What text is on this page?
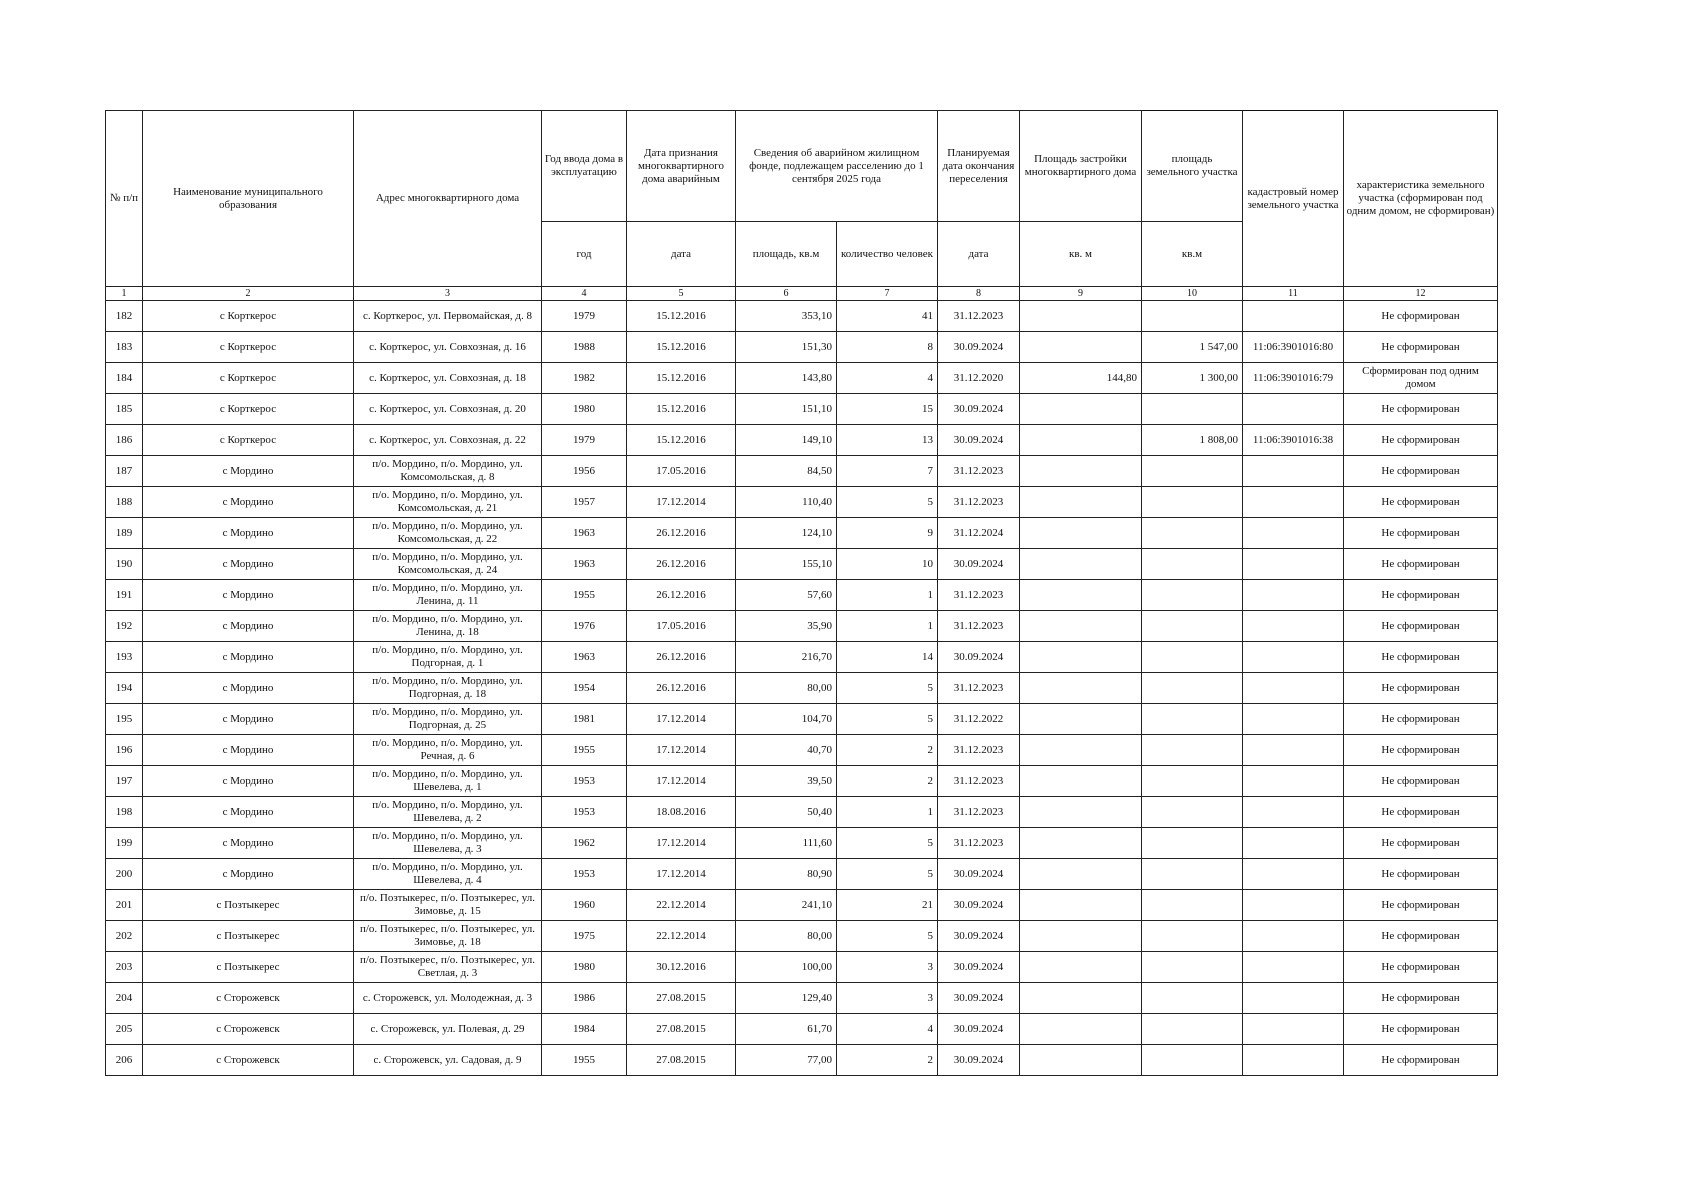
№ п/п	Наименование муниципального образования	Адрес многоквартирного дома	Год ввода дома в эксплуатацию	Дата признания многоквартирного дома аварийным	Сведения об аварийном жилищном фонде, подлежащем расселению до 1 сентября 2025 года		Планируемая дата окончания переселения	Площадь застройки многоквартирного дома	площадь земельного участка	кадастровый номер земельного участка	характеристика земельного участка (сформирован под одним домом, не сформирован)
			год	дата	площадь, кв.м	количество человек	дата	кв. м	кв.м		
1	2	3	4	5	6	7	8	9	10	11	12
182	с Корткерос	с. Корткерос, ул. Первомайская, д. 8	1979	15.12.2016	353,10	41	31.12.2023				Не сформирован
183	с Корткерос	с. Корткерос, ул. Совхозная, д. 16	1988	15.12.2016	151,30	8	30.09.2024		1 547,00	11:06:3901016:80	Не сформирован
184	с Корткерос	с. Корткерос, ул. Совхозная, д. 18	1982	15.12.2016	143,80	4	31.12.2020	144,80	1 300,00	11:06:3901016:79	Сформирован под одним домом
185	с Корткерос	с. Корткерос, ул. Совхозная, д. 20	1980	15.12.2016	151,10	15	30.09.2024				Не сформирован
186	с Корткерос	с. Корткерос, ул. Совхозная, д. 22	1979	15.12.2016	149,10	13	30.09.2024		1 808,00	11:06:3901016:38	Не сформирован
187	с Мордино	п/о. Мордино, п/о. Мордино, ул. Комсомольская, д. 8	1956	17.05.2016	84,50	7	31.12.2023				Не сформирован
188	с Мордино	п/о. Мордино, п/о. Мордино, ул. Комсомольская, д. 21	1957	17.12.2014	110,40	5	31.12.2023				Не сформирован
189	с Мордино	п/о. Мордино, п/о. Мордино, ул. Комсомольская, д. 22	1963	26.12.2016	124,10	9	31.12.2024				Не сформирован
190	с Мордино	п/о. Мордино, п/о. Мордино, ул. Комсомольская, д. 24	1963	26.12.2016	155,10	10	30.09.2024				Не сформирован
191	с Мордино	п/о. Мордино, п/о. Мордино, ул. Ленина, д. 11	1955	26.12.2016	57,60	1	31.12.2023				Не сформирован
192	с Мордино	п/о. Мордино, п/о. Мордино, ул. Ленина, д. 18	1976	17.05.2016	35,90	1	31.12.2023				Не сформирован
193	с Мордино	п/о. Мордино, п/о. Мордино, ул. Подгорная, д. 1	1963	26.12.2016	216,70	14	30.09.2024				Не сформирован
194	с Мордино	п/о. Мордино, п/о. Мордино, ул. Подгорная, д. 18	1954	26.12.2016	80,00	5	31.12.2023				Не сформирован
195	с Мордино	п/о. Мордино, п/о. Мордино, ул. Подгорная, д. 25	1981	17.12.2014	104,70	5	31.12.2022				Не сформирован
196	с Мордино	п/о. Мордино, п/о. Мордино, ул. Речная, д. 6	1955	17.12.2014	40,70	2	31.12.2023				Не сформирован
197	с Мордино	п/о. Мордино, п/о. Мордино, ул. Шевелева, д. 1	1953	17.12.2014	39,50	2	31.12.2023				Не сформирован
198	с Мордино	п/о. Мордино, п/о. Мордино, ул. Шевелева, д. 2	1953	18.08.2016	50,40	1	31.12.2023				Не сформирован
199	с Мордино	п/о. Мордино, п/о. Мордино, ул. Шевелева, д. 3	1962	17.12.2014	111,60	5	31.12.2023				Не сформирован
200	с Мордино	п/о. Мордино, п/о. Мордино, ул. Шевелева, д. 4	1953	17.12.2014	80,90	5	30.09.2024				Не сформирован
201	с Позтыкерес	п/о. Позтыкерес, п/о. Позтыкерес, ул. Зимовье, д. 15	1960	22.12.2014	241,10	21	30.09.2024				Не сформирован
202	с Позтыкерес	п/о. Позтыкерес, п/о. Позтыкерес, ул. Зимовье, д. 18	1975	22.12.2014	80,00	5	30.09.2024				Не сформирован
203	с Позтыкерес	п/о. Позтыкерес, п/о. Позтыкерес, ул. Светлая, д. 3	1980	30.12.2016	100,00	3	30.09.2024				Не сформирован
204	с Сторожевск	с. Сторожевск, ул. Молодежная, д. 3	1986	27.08.2015	129,40	3	30.09.2024				Не сформирован
205	с Сторожевск	с. Сторожевск, ул. Полевая, д. 29	1984	27.08.2015	61,70	4	30.09.2024				Не сформирован
206	с Сторожевск	с. Сторожевск, ул. Садовая, д. 9	1955	27.08.2015	77,00	2	30.09.2024				Не сформирован
